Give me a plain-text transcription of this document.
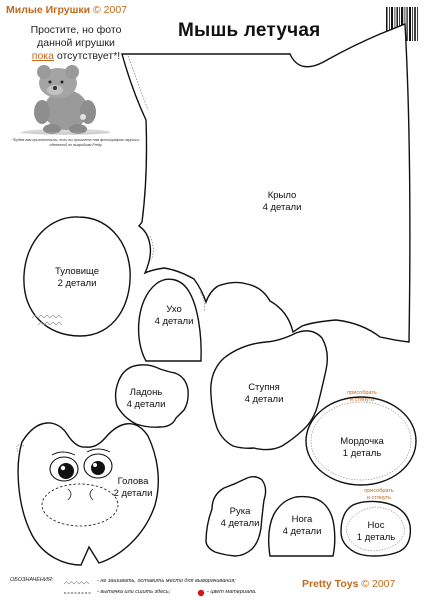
Милые Игрушки © 2007
Мышь летучая
Простите, но фото
данной игрушки
пока отсутствует*!
*Будем вам признательны, если вы пришлете нам фотографию игрушки, сделанной по выкройкам Pretty.
Крыло
4 детали
Туловище
2 детали
Ухо
4 детали
Ладонь
4 детали
Ступня
4 детали
присобрать
и стянуть
Мордочка
1 деталь
Голова
2 детали
Рука
4 детали	Нога
4 детали
присобрать
и стянуть
Нос
1 деталь
ОБОЗНАЧЕНИЯ:	- не зашивать, оставить место для выворачивания;
- вытачка или сшить здесь;	- цвет материала.
Pretty Toys © 2007
